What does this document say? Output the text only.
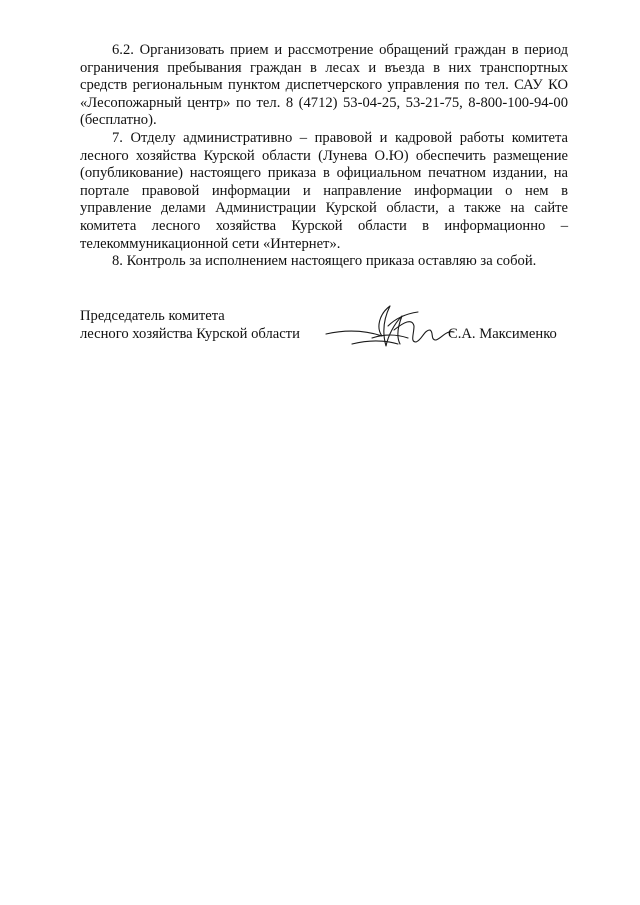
6.2. Организовать прием и рассмотрение обращений граждан в период ограничения пребывания граждан в лесах и въезда в них транспортных средств региональным пунктом диспетчерского управления по тел. САУ КО «Лесопожарный центр» по тел. 8 (4712) 53-04-25, 53-21-75, 8-800-100-94-00 (бесплатно).

7. Отделу административно – правовой и кадровой работы комитета лесного хозяйства Курской области (Лунева О.Ю) обеспечить размещение (опубликование) настоящего приказа в официальном печатном издании, на портале правовой информации и направление информации о нем в управление делами Администрации Курской области, а также на сайте комитета лесного хозяйства Курской области в информационно – телекоммуникационной сети «Интернет».

8. Контроль за исполнением настоящего приказа оставляю за собой.

Председатель комитета
лесного хозяйства Курской области	С.А. Максименко
